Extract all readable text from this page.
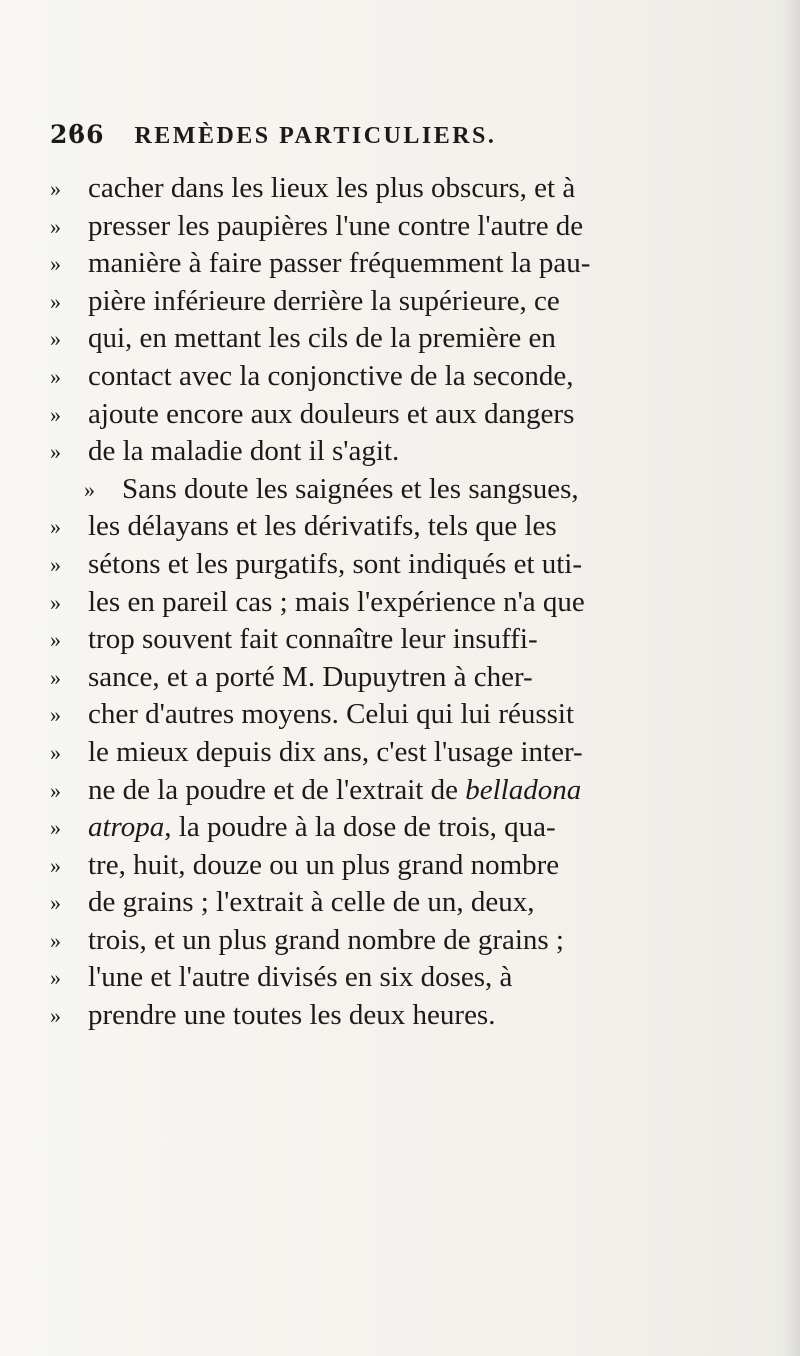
2ϐ6 REMÈDES PARTICULIERS.
» cacher dans les lieux les plus obscurs, et à
» presser les paupières l'une contre l'autre de
» manière à faire passer fréquemment la pau-
» pière inférieure derrière la supérieure, ce
» qui, en mettant les cils de la première en
» contact avec la conjonctive de la seconde,
» ajoute encore aux douleurs et aux dangers
» de la maladie dont il s'agit.
» Sans doute les saignées et les sangsues,
» les délayans et les dérivatifs, tels que les
» sétons et les purgatifs, sont indiqués et uti-
» les en pareil cas ; mais l'expérience n'a que
» trop souvent fait connaître leur insuffi-
» sance, et a porté M. Dupuytren à cher-
» cher d'autres moyens. Celui qui lui réussit
» le mieux depuis dix ans, c'est l'usage inter-
» ne de la poudre et de l'extrait de belladona
» atropa, la poudre à la dose de trois, qua-
» tre, huit, douze ou un plus grand nombre
» de grains ; l'extrait à celle de un, deux,
» trois, et un plus grand nombre de grains ;
» l'une et l'autre divisés en six doses, à
» prendre une toutes les deux heures.
